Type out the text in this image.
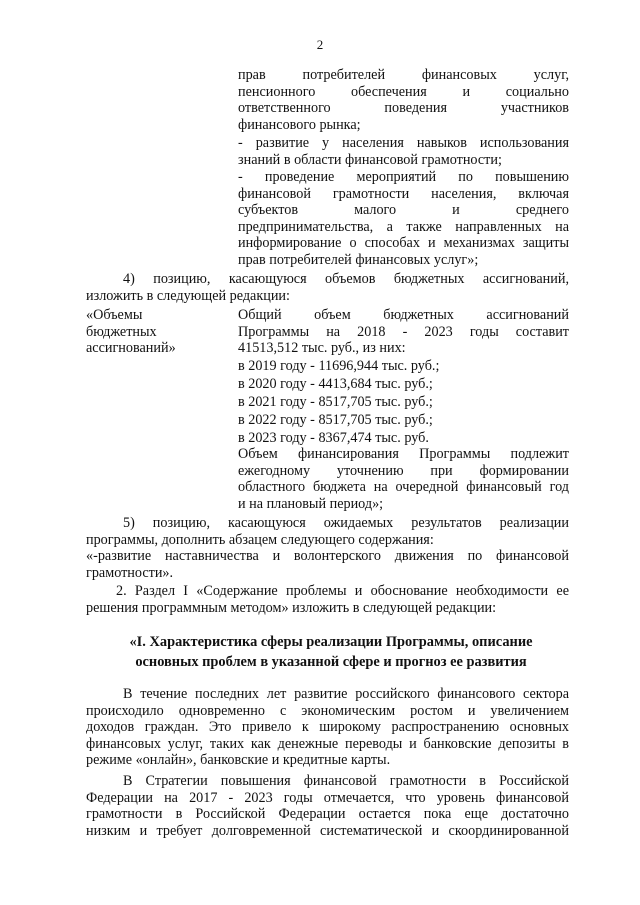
2
прав потребителей финансовых услуг,
пенсионного обеспечения и социально
ответственного поведения участников
финансового рынка;
- развитие у населения навыков использования
знаний в области финансовой грамотности;
- проведение мероприятий по повышению
финансовой грамотности населения, включая
субъектов малого и среднего
предпринимательства, а также направленных на
информирование о способах и механизмах защиты
прав потребителей финансовых услуг»;
4) позицию, касающуюся объемов бюджетных ассигнований,
изложить в следующей редакции:
«Объемы
бюджетных
ассигнований»
Общий объем бюджетных ассигнований
Программы на 2018 - 2023 годы составит
41513,512 тыс. руб., из них:
в 2019 году - 11696,944 тыс. руб.;
в 2020 году - 4413,684 тыс. руб.;
в 2021 году - 8517,705 тыс. руб.;
в 2022 году - 8517,705 тыс. руб.;
в 2023 году - 8367,474 тыс. руб.
Объем финансирования Программы подлежит
ежегодному уточнению при формировании
областного бюджета на очередной финансовый год
и на плановый период»;
5) позицию, касающуюся ожидаемых результатов реализации
программы, дополнить абзацем следующего содержания:
«-развитие наставничества и волонтерского движения по финансовой
грамотности».
2. Раздел I «Содержание проблемы и обоснование необходимости ее
решения программным методом» изложить в следующей редакции:
«I. Характеристика сферы реализации Программы, описание
основных проблем в указанной сфере и прогноз ее развития
В течение последних лет развитие российского финансового сектора
происходило одновременно с экономическим ростом и увеличением
доходов граждан. Это привело к широкому распространению основных
финансовых услуг, таких как денежные переводы и банковские депозиты в
режиме «онлайн», банковские и кредитные карты.
В Стратегии повышения финансовой грамотности в Российской
Федерации на 2017 - 2023 годы отмечается, что уровень финансовой
грамотности в Российской Федерации остается пока еще достаточно
низким и требует долговременной систематической и скоординированной
